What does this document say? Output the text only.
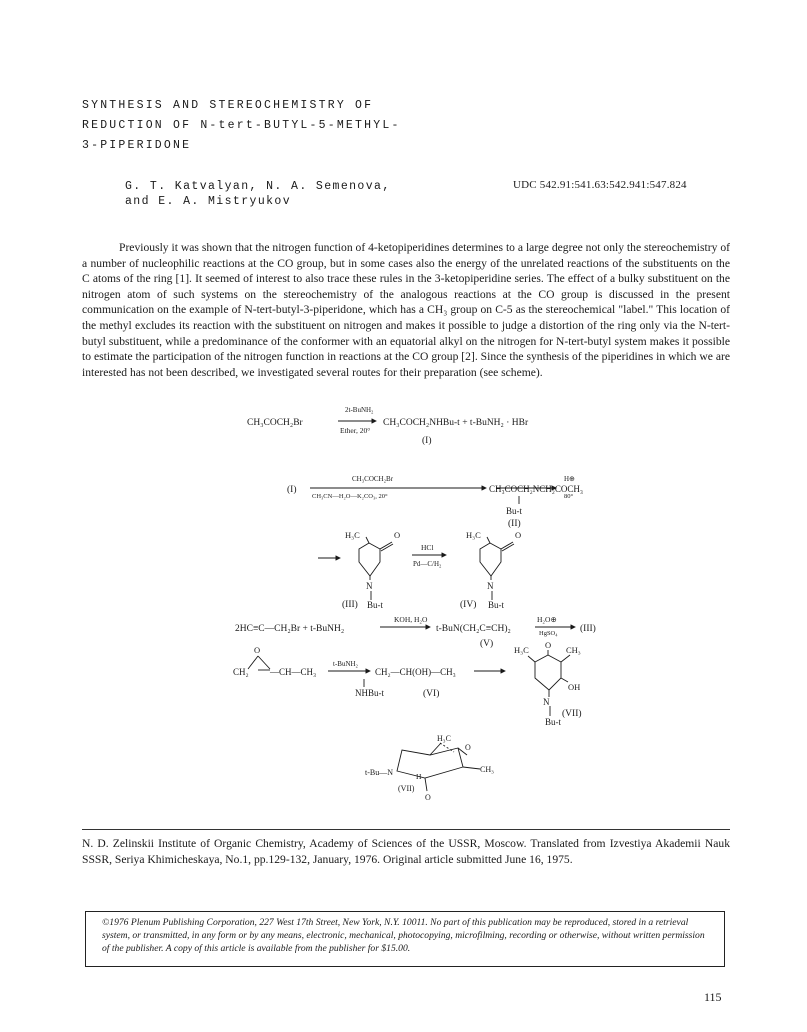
SYNTHESIS AND STEREOCHEMISTRY OF
REDUCTION OF N-tert-BUTYL-5-METHYL-
3-PIPERIDONE
G. T. Katvalyan, N. A. Semenova,
and E. A. Mistryukov
UDC 542.91:541.63:542.941:547.824

Previously it was shown that the nitrogen function of 4-ketopiperidines determines to a large degree not only the stereochemistry of a number of nucleophilic reactions at the CO group, but in some cases also the energy of the unrelated reactions of the substituents on the C atoms of the ring [1]. It seemed of interest to also trace these rules in the 3-ketopiperidine series. The effect of a bulky substituent on the nitrogen atom of such systems on the stereochemistry of the analogous reactions at the CO group is discussed in the present communication on the example of N-tert-butyl-3-piperidone, which has a CH₃ group on C-5 as the stereochemical "label." This location of the methyl excludes its reaction with the substituent on nitrogen and makes it possible to judge a distortion of the ring only via the N-tert-butyl substituent, while a predominance of the conformer with an equatorial alkyl on the nitrogen for N-tert-butyl system makes it possible to estimate the participation of the nitrogen function in reactions at the CO group [2]. Since the synthesis of the piperidines in which we are interested has not been described, we investigated several routes for their preparation (see scheme).

CH₃COCH₂Br
2t-BuNH₂
Ether, 20°
CH₃COCH₂NHBu-t + t-BuNH₂ · HBr
(I)
(I)
CH₃COCH₂Br
CH₃CN—H₂O—K₂CO₃, 20°
CH₃COCH₂NCH₂COCH₃
Bu-t
(II)
H⊕
80°
H₃C	O
N
(III) Bu-t
HCl
Pd—C/H₂
H₃C	O
N
(IV) Bu-t
2HC≡C—CH₂Br + t-BuNH₂
KOH, H₂O
t-BuN(CH₂C≡CH)₂
(V)
H₂O⊕
HgSO₄ (III)
O
CH₂ —CH—CH₃
t-BuNH₂
CH₂—CH(OH)—CH₃
NHBu-t	(VI)
H₃C O CH₃
OH
N
Bu-t
(VII)
H₃C
O
t-Bu—N	H
CH₃
O
(VII)

N. D. Zelinskii Institute of Organic Chemistry, Academy of Sciences of the USSR, Moscow. Translated from Izvestiya Akademii Nauk SSSR, Seriya Khimicheskaya, No.1, pp.129-132, January, 1976. Original article submitted June 16, 1975.

©1976 Plenum Publishing Corporation, 227 West 17th Street, New York, N.Y. 10011. No part of this publication may be reproduced, stored in a retrieval system, or transmitted, in any form or by any means, electronic, mechanical, photocopying, microfilming, recording or otherwise, without written permission of the publisher. A copy of this article is available from the publisher for $15.00.
115
